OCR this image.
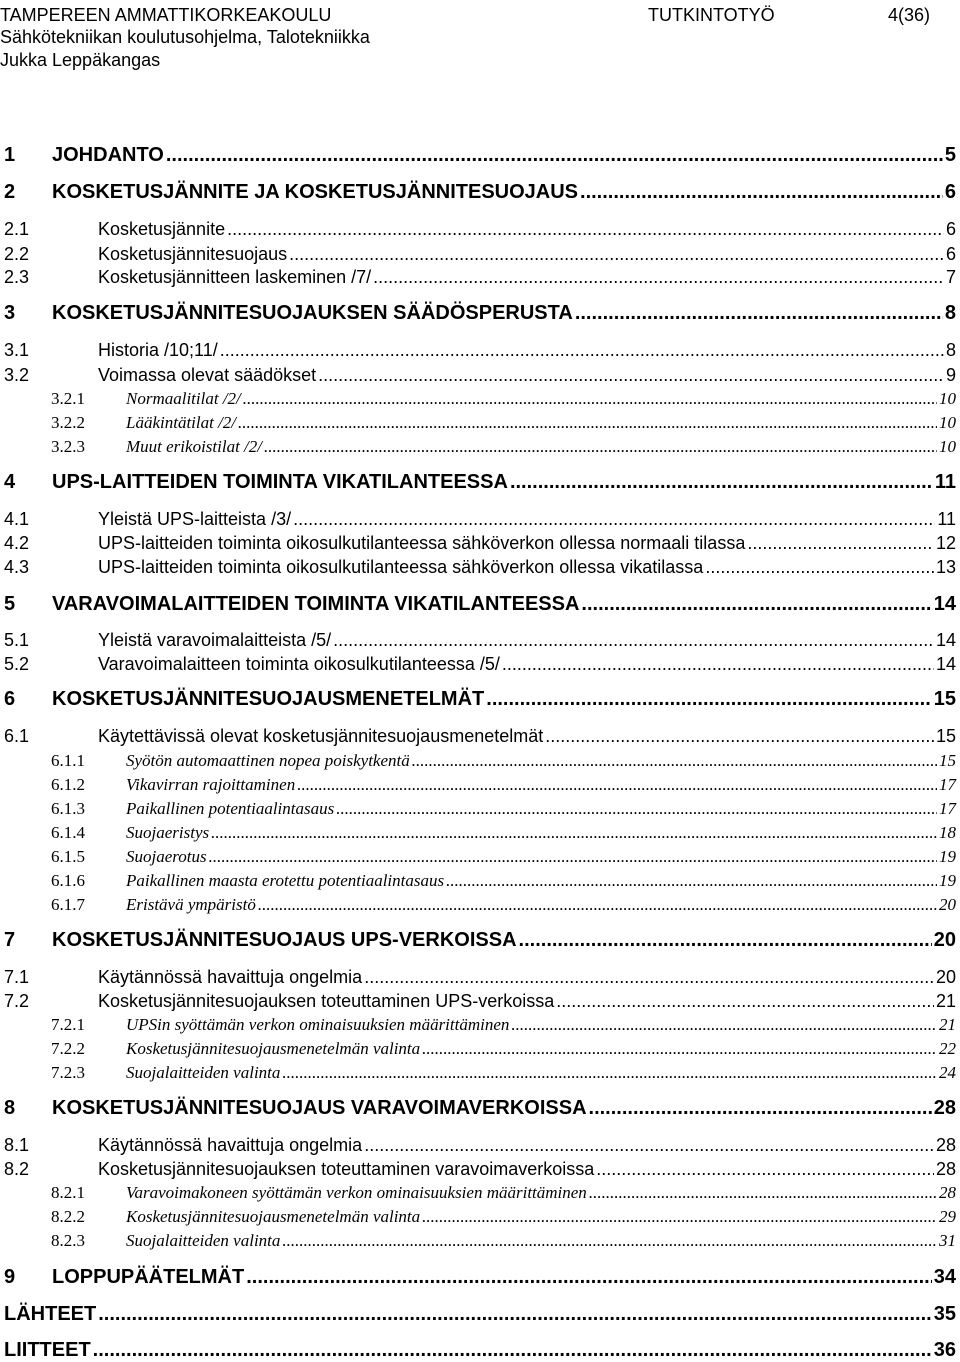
TAMPEREEN AMMATTIKORKEAKOULU
Sähkötekniikan koulutusohjelma, Talotekniikka
Jukka Leppäkangas
TUTKINTOTYÖ	4(36)
1	JOHDANTO .....	5
2	KOSKETUSJÄNNITE JA KOSKETUSJÄNNITESUOJAUS .....	6
2.1	Kosketusjännite .....	6
2.2	Kosketusjännitesuojaus .....	6
2.3	Kosketusjännitteen laskeminen /7/ .....	7
3	KOSKETUSJÄNNITESUOJAUKSEN SÄÄDÖSPERUSTA .....	8
3.1	Historia /10;11/ .....	8
3.2	Voimassa olevat säädökset .....	9
3.2.1	Normaalitilat /2/ .....	10
3.2.2	Lääkintätilat /2/ .....	10
3.2.3	Muut erikoistilat /2/ .....	10
4	UPS-LAITTEIDEN TOIMINTA VIKATILANTEESSA .....	11
4.1	Yleistä UPS-laitteista /3/ .....	11
4.2	UPS-laitteiden toiminta oikosulkutilanteessa sähköverkon ollessa normaali tilassa .....	12
4.3	UPS-laitteiden toiminta oikosulkutilanteessa sähköverkon ollessa vikatilassa .....	13
5	VARAVOIMALAITTEIDEN TOIMINTA VIKATILANTEESSA .....	14
5.1	Yleistä varavoimalaitteista /5/ .....	14
5.2	Varavoimalaitteen toiminta oikosulkutilanteessa /5/ .....	14
6	KOSKETUSJÄNNITESUOJAUSMENETELMÄT .....	15
6.1	Käytettävissä olevat kosketusjännitesuojausmenetelmät .....	15
6.1.1	Syötön automaattinen nopea poiskytkentä .....	15
6.1.2	Vikavirran rajoittaminen .....	17
6.1.3	Paikallinen potentiaalintasaus .....	17
6.1.4	Suojaeristys .....	18
6.1.5	Suojaerotus .....	19
6.1.6	Paikallinen maasta erotettu potentiaalintasaus .....	19
6.1.7	Eristävä ympäristö .....	20
7	KOSKETUSJÄNNITESUOJAUS UPS-VERKOISSA .....	20
7.1	Käytännössä havaittuja ongelmia .....	20
7.2	Kosketusjännitesuojauksen toteuttaminen UPS-verkoissa .....	21
7.2.1	UPSin syöttämän verkon ominaisuuksien määrittäminen .....	21
7.2.2	Kosketusjännitesuojausmenetelmän valinta .....	22
7.2.3	Suojalaitteiden valinta .....	24
8	KOSKETUSJÄNNITESUOJAUS VARAVOIMAVERKOISSA .....	28
8.1	Käytännössä havaittuja ongelmia .....	28
8.2	Kosketusjännitesuojauksen toteuttaminen varavoimaverkoissa .....	28
8.2.1	Varavoimakoneen syöttämän verkon ominaisuuksien määrittäminen .....	28
8.2.2	Kosketusjännitesuojausmenetelmän valinta .....	29
8.2.3	Suojalaitteiden valinta .....	31
9	LOPPUPÄÄTELMÄT .....	34
LÄHTEET .....	35
LIITTEET .....	36
